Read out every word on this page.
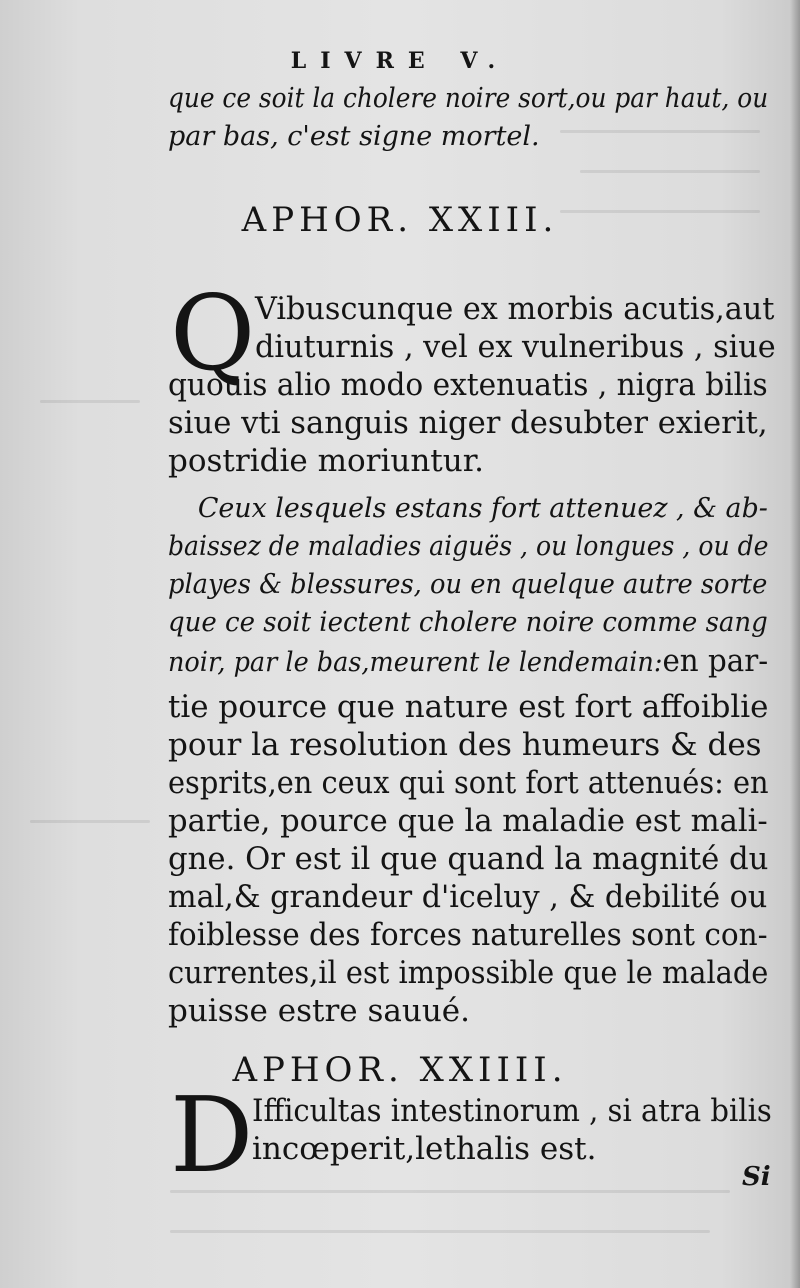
LIVRE V.
que ce soit la cholere noire sort,ou par haut, ou
par bas, c'est signe mortel.
APHOR. XXIII.
Q Vibuscunque ex morbis acutis,aut
diuturnis , vel ex vulneribus , siue
quouis alio modo extenuatis , nigra bilis
siue vti sanguis niger desubter exierit,
postridie moriuntur.
Ceux lesquels estans fort attenuez , & ab-
baissez de maladies aiguës , ou longues , ou de
playes & blessures, ou en quelque autre sorte
que ce soit iectent cholere noire comme sang
noir, par le bas,meurent le lendemain:en par-
tie pource que nature est fort affoiblie
pour la resolution des humeurs & des
esprits,en ceux qui sont fort attenués: en
partie, pource que la maladie est mali-
gne. Or est il que quand la magnité du
mal,& grandeur d'iceluy , & debilité ou
foiblesse des forces naturelles sont con-
currentes,il est impossible que le malade
puisse estre sauué.
APHOR. XXIIII.
D
Ifficultas intestinorum , si atra bilis
incœperit,lethalis est.
Si
